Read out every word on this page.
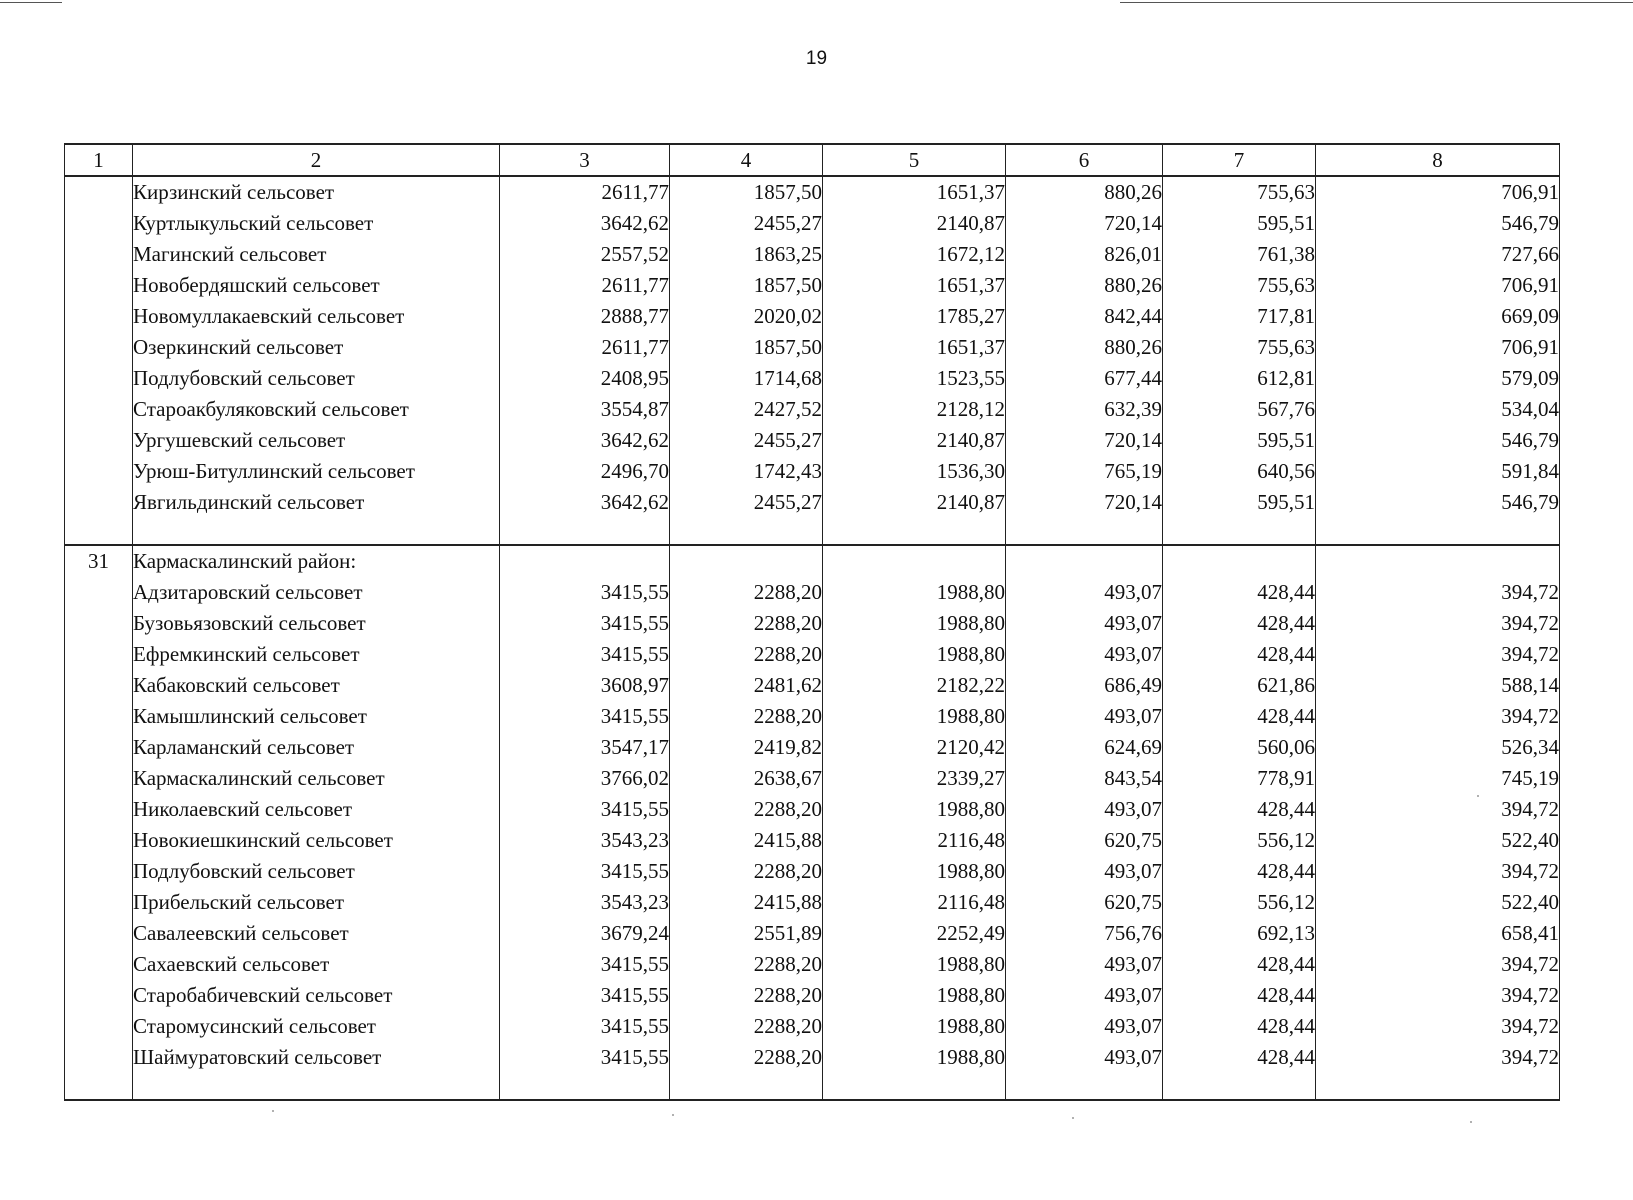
19
1	2	3	4	5	6	7	8
	Кирзинский сельсовет	2611,77	1857,50	1651,37	880,26	755,63	706,91
	Куртлыкульский сельсовет	3642,62	2455,27	2140,87	720,14	595,51	546,79
	Магинский сельсовет	2557,52	1863,25	1672,12	826,01	761,38	727,66
	Новобердяшский сельсовет	2611,77	1857,50	1651,37	880,26	755,63	706,91
	Новомуллакаевский сельсовет	2888,77	2020,02	1785,27	842,44	717,81	669,09
	Озеркинский сельсовет	2611,77	1857,50	1651,37	880,26	755,63	706,91
	Подлубовский сельсовет	2408,95	1714,68	1523,55	677,44	612,81	579,09
	Староакбуляковский сельсовет	3554,87	2427,52	2128,12	632,39	567,76	534,04
	Ургушевский сельсовет	3642,62	2455,27	2140,87	720,14	595,51	546,79
	Урюш-Битуллинский сельсовет	2496,70	1742,43	1536,30	765,19	640,56	591,84
	Явгильдинский сельсовет	3642,62	2455,27	2140,87	720,14	595,51	546,79

31	Кармаскалинский район:						
	Адзитаровский сельсовет	3415,55	2288,20	1988,80	493,07	428,44	394,72
	Бузовьязовский сельсовет	3415,55	2288,20	1988,80	493,07	428,44	394,72
	Ефремкинский сельсовет	3415,55	2288,20	1988,80	493,07	428,44	394,72
	Кабаковский сельсовет	3608,97	2481,62	2182,22	686,49	621,86	588,14
	Камышлинский сельсовет	3415,55	2288,20	1988,80	493,07	428,44	394,72
	Карламанский сельсовет	3547,17	2419,82	2120,42	624,69	560,06	526,34
	Кармаскалинский сельсовет	3766,02	2638,67	2339,27	843,54	778,91	745,19
	Николаевский сельсовет	3415,55	2288,20	1988,80	493,07	428,44	394,72
	Новокиешкинский сельсовет	3543,23	2415,88	2116,48	620,75	556,12	522,40
	Подлубовский сельсовет	3415,55	2288,20	1988,80	493,07	428,44	394,72
	Прибельский сельсовет	3543,23	2415,88	2116,48	620,75	556,12	522,40
	Савалеевский сельсовет	3679,24	2551,89	2252,49	756,76	692,13	658,41
	Сахаевский сельсовет	3415,55	2288,20	1988,80	493,07	428,44	394,72
	Старобабичевский сельсовет	3415,55	2288,20	1988,80	493,07	428,44	394,72
	Старомусинский сельсовет	3415,55	2288,20	1988,80	493,07	428,44	394,72
	Шаймуратовский сельсовет	3415,55	2288,20	1988,80	493,07	428,44	394,72
